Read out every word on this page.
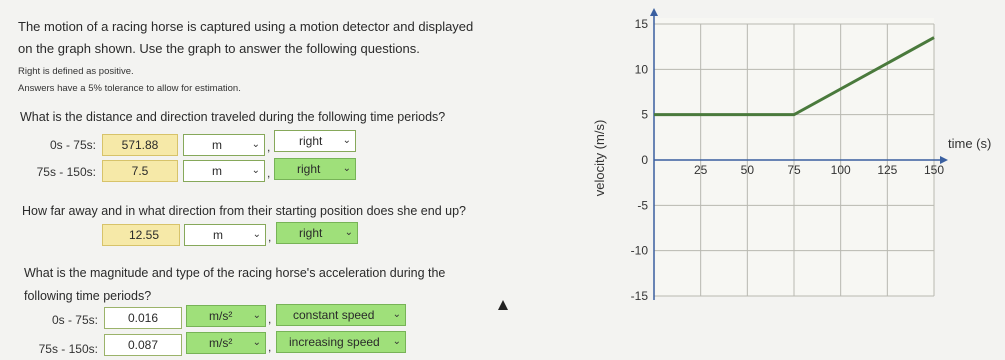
The motion of a racing horse is captured using a motion detector and displayed
on the graph shown. Use the graph to answer the following questions.
Right is defined as positive.
Answers have a 5% tolerance to allow for estimation.
What is the distance and direction traveled during the following time periods?
0s - 75s:	571.88	m	⌄ ,	right ⌄
75s - 150s:	7.5	m	⌄ ,	right ⌄
How far away and in what direction from their starting position does she end up?
12.55	m	⌄ ,	right ⌄
What is the magnitude and type of the racing horse's acceleration during the
following time periods?
0s - 75s:	0.016	m/s² ⌄ ,	constant speed ⌄
75s - 150s:	0.087	m/s² ⌄ ,	increasing speed ⌄
15
10
5
0
-5
-10
-15
25	50	75 100 125 150
velocity (m/s)	time (s)
